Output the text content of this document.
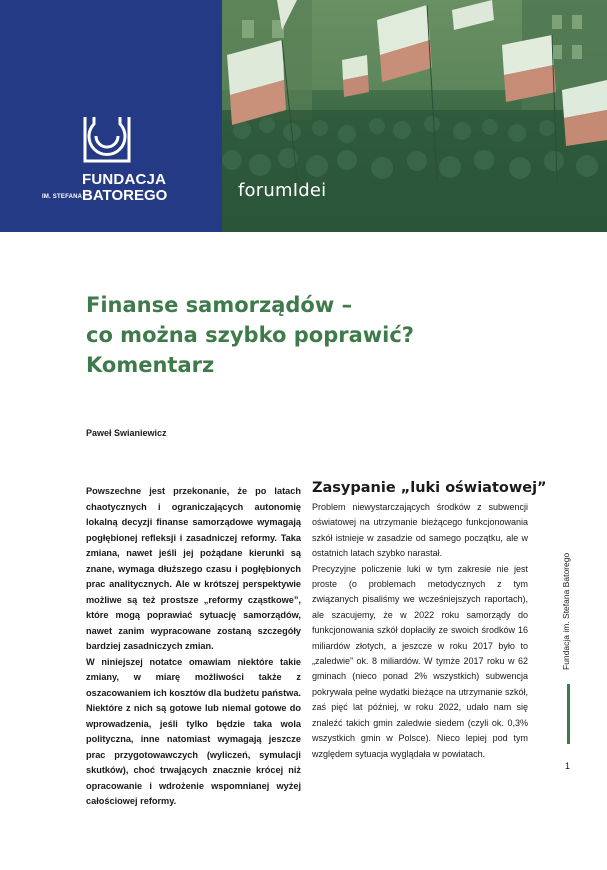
FUNDACJA
IM. STEFANA BATOREGO	forumIdei
Finanse samorządów –
co można szybko poprawić?
Komentarz
Paweł Swianiewicz

Powszechne jest przekonanie, że po latach chaotycznych i ograniczających autonomię lokalną decyzji finanse samorządowe wymagają pogłębionej refleksji i zasadniczej reformy. Taka zmiana, nawet jeśli jej pożądane kierunki są znane, wymaga dłuższego czasu i pogłębionych prac analitycznych. Ale w krótszej perspektywie możliwe są też prostsze „reformy cząstkowe”, które mogą poprawiać sytuację samorządów, nawet zanim wypracowane zostaną szczegóły bardziej zasadniczych zmian.

W niniejszej notatce omawiam niektóre takie zmiany, w miarę możliwości także z oszacowaniem ich kosztów dla budżetu państwa. Niektóre z nich są gotowe lub niemal gotowe do wprowadzenia, jeśli tylko będzie taka wola polityczna, inne natomiast wymagają jeszcze prac przygotowawczych (wyliczeń, symulacji skutków), choć trwających znacznie krócej niż opracowanie i wdrożenie wspomnianej wyżej całościowej reformy.

Zasypanie „luki oświatowej”

Problem niewystarczających środków z subwencji oświatowej na utrzymanie bieżącego funkcjonowania szkół istnieje w zasadzie od samego początku, ale w ostatnich latach szybko narastał.

Precyzyjne policzenie luki w tym zakresie nie jest proste (o problemach metodycznych z tym związanych pisaliśmy we wcześniejszych raportach), ale szacujemy, że w 2022 roku samorządy do funkcjonowania szkół dopłaciły ze swoich środków 16 miliardów złotych, a jeszcze w roku 2017 było to „zaledwie” ok. 8 miliardów. W tymże 2017 roku w 62 gminach (nieco ponad 2% wszystkich) subwencja pokrywała pełne wydatki bieżące na utrzymanie szkół, zaś pięć lat później, w roku 2022, udało nam się znaleźć takich gmin zaledwie siedem (czyli ok. 0,3% wszystkich gmin w Polsce). Nieco lepiej pod tym względem sytuacja wyglądała w powiatach.

Fundacja im. Stefana Batorego
1
